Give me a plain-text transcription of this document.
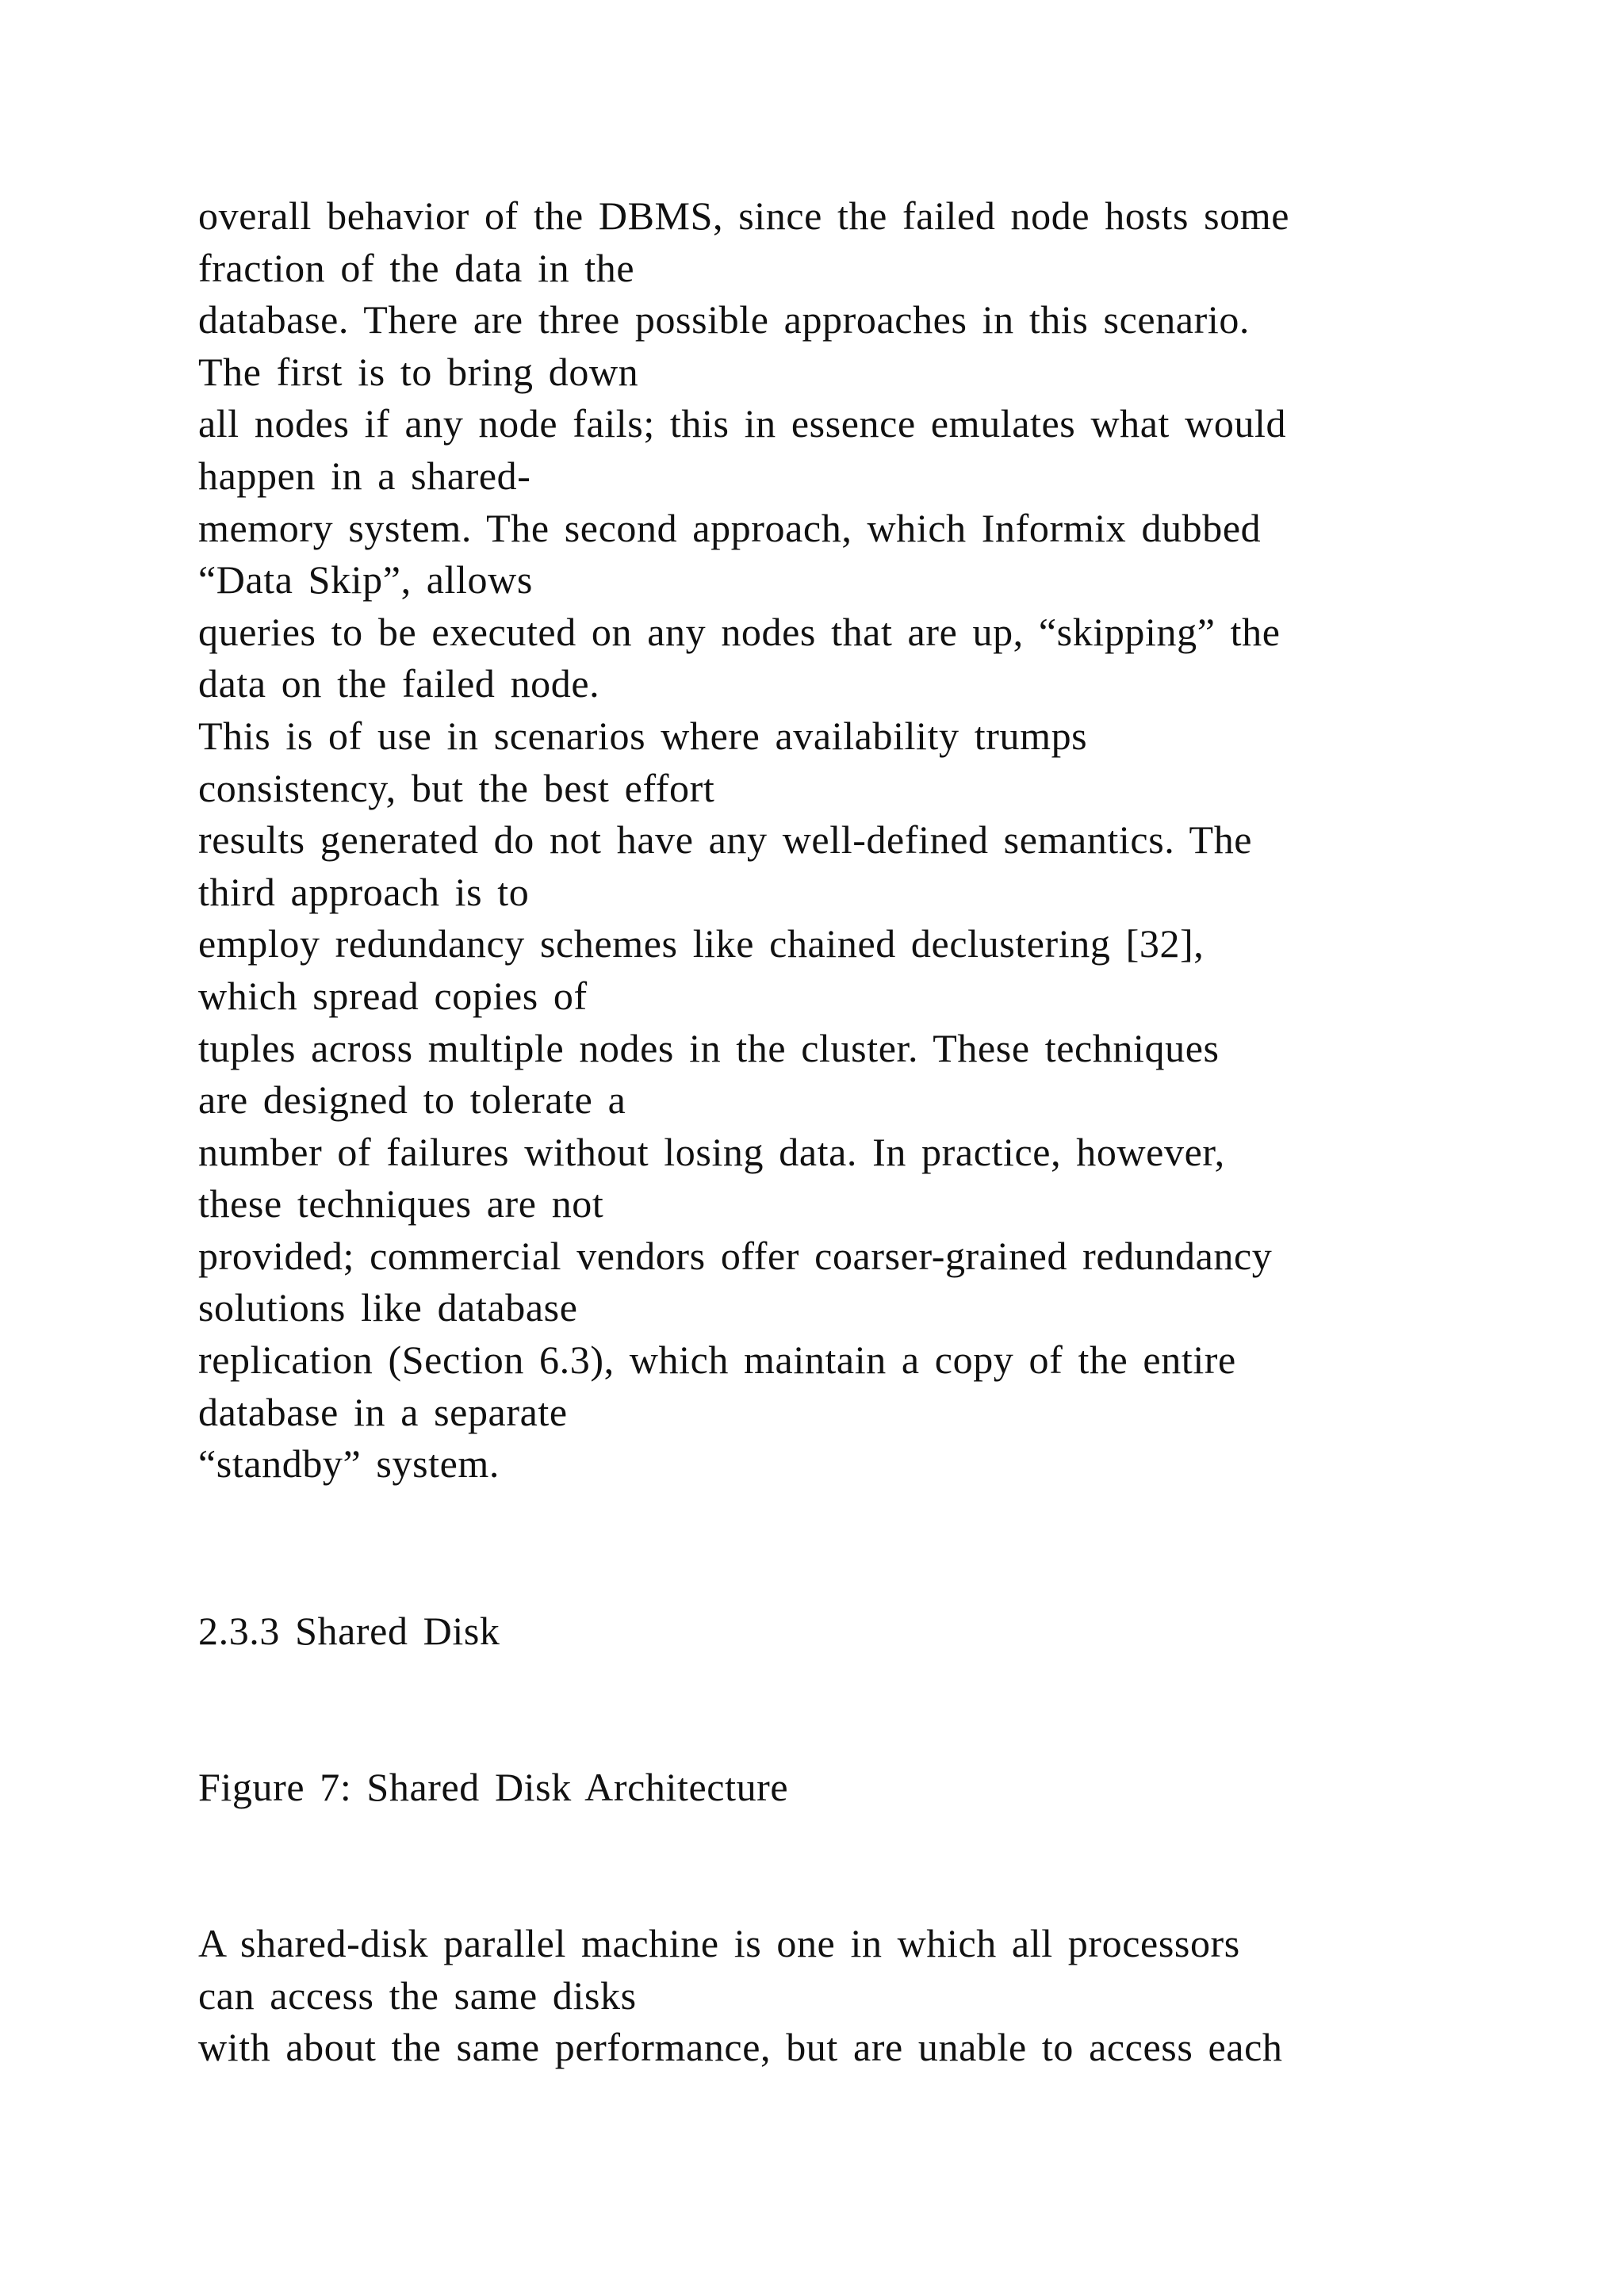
overall behavior of the DBMS, since the failed node hosts some
fraction of the data in the
database. There are three possible approaches in this scenario.
The first is to bring down
all nodes if any node fails; this in essence emulates what would
happen in a shared-
memory system. The second approach, which Informix dubbed
“Data Skip”, allows
queries to be executed on any nodes that are up, “skipping” the
data on the failed node.
This is of use in scenarios where availability trumps
consistency, but the best effort
results generated do not have any well-defined semantics. The
third approach is to
employ redundancy schemes like chained declustering [32],
which spread copies of
tuples across multiple nodes in the cluster. These techniques
are designed to tolerate a
number of failures without losing data. In practice, however,
these techniques are not
provided; commercial vendors offer coarser-grained redundancy
solutions like database
replication (Section 6.3), which maintain a copy of the entire
database in a separate
“standby” system.
2.3.3 Shared Disk
Figure 7: Shared Disk Architecture
A shared-disk parallel machine is one in which all processors
can access the same disks
with about the same performance, but are unable to access each
